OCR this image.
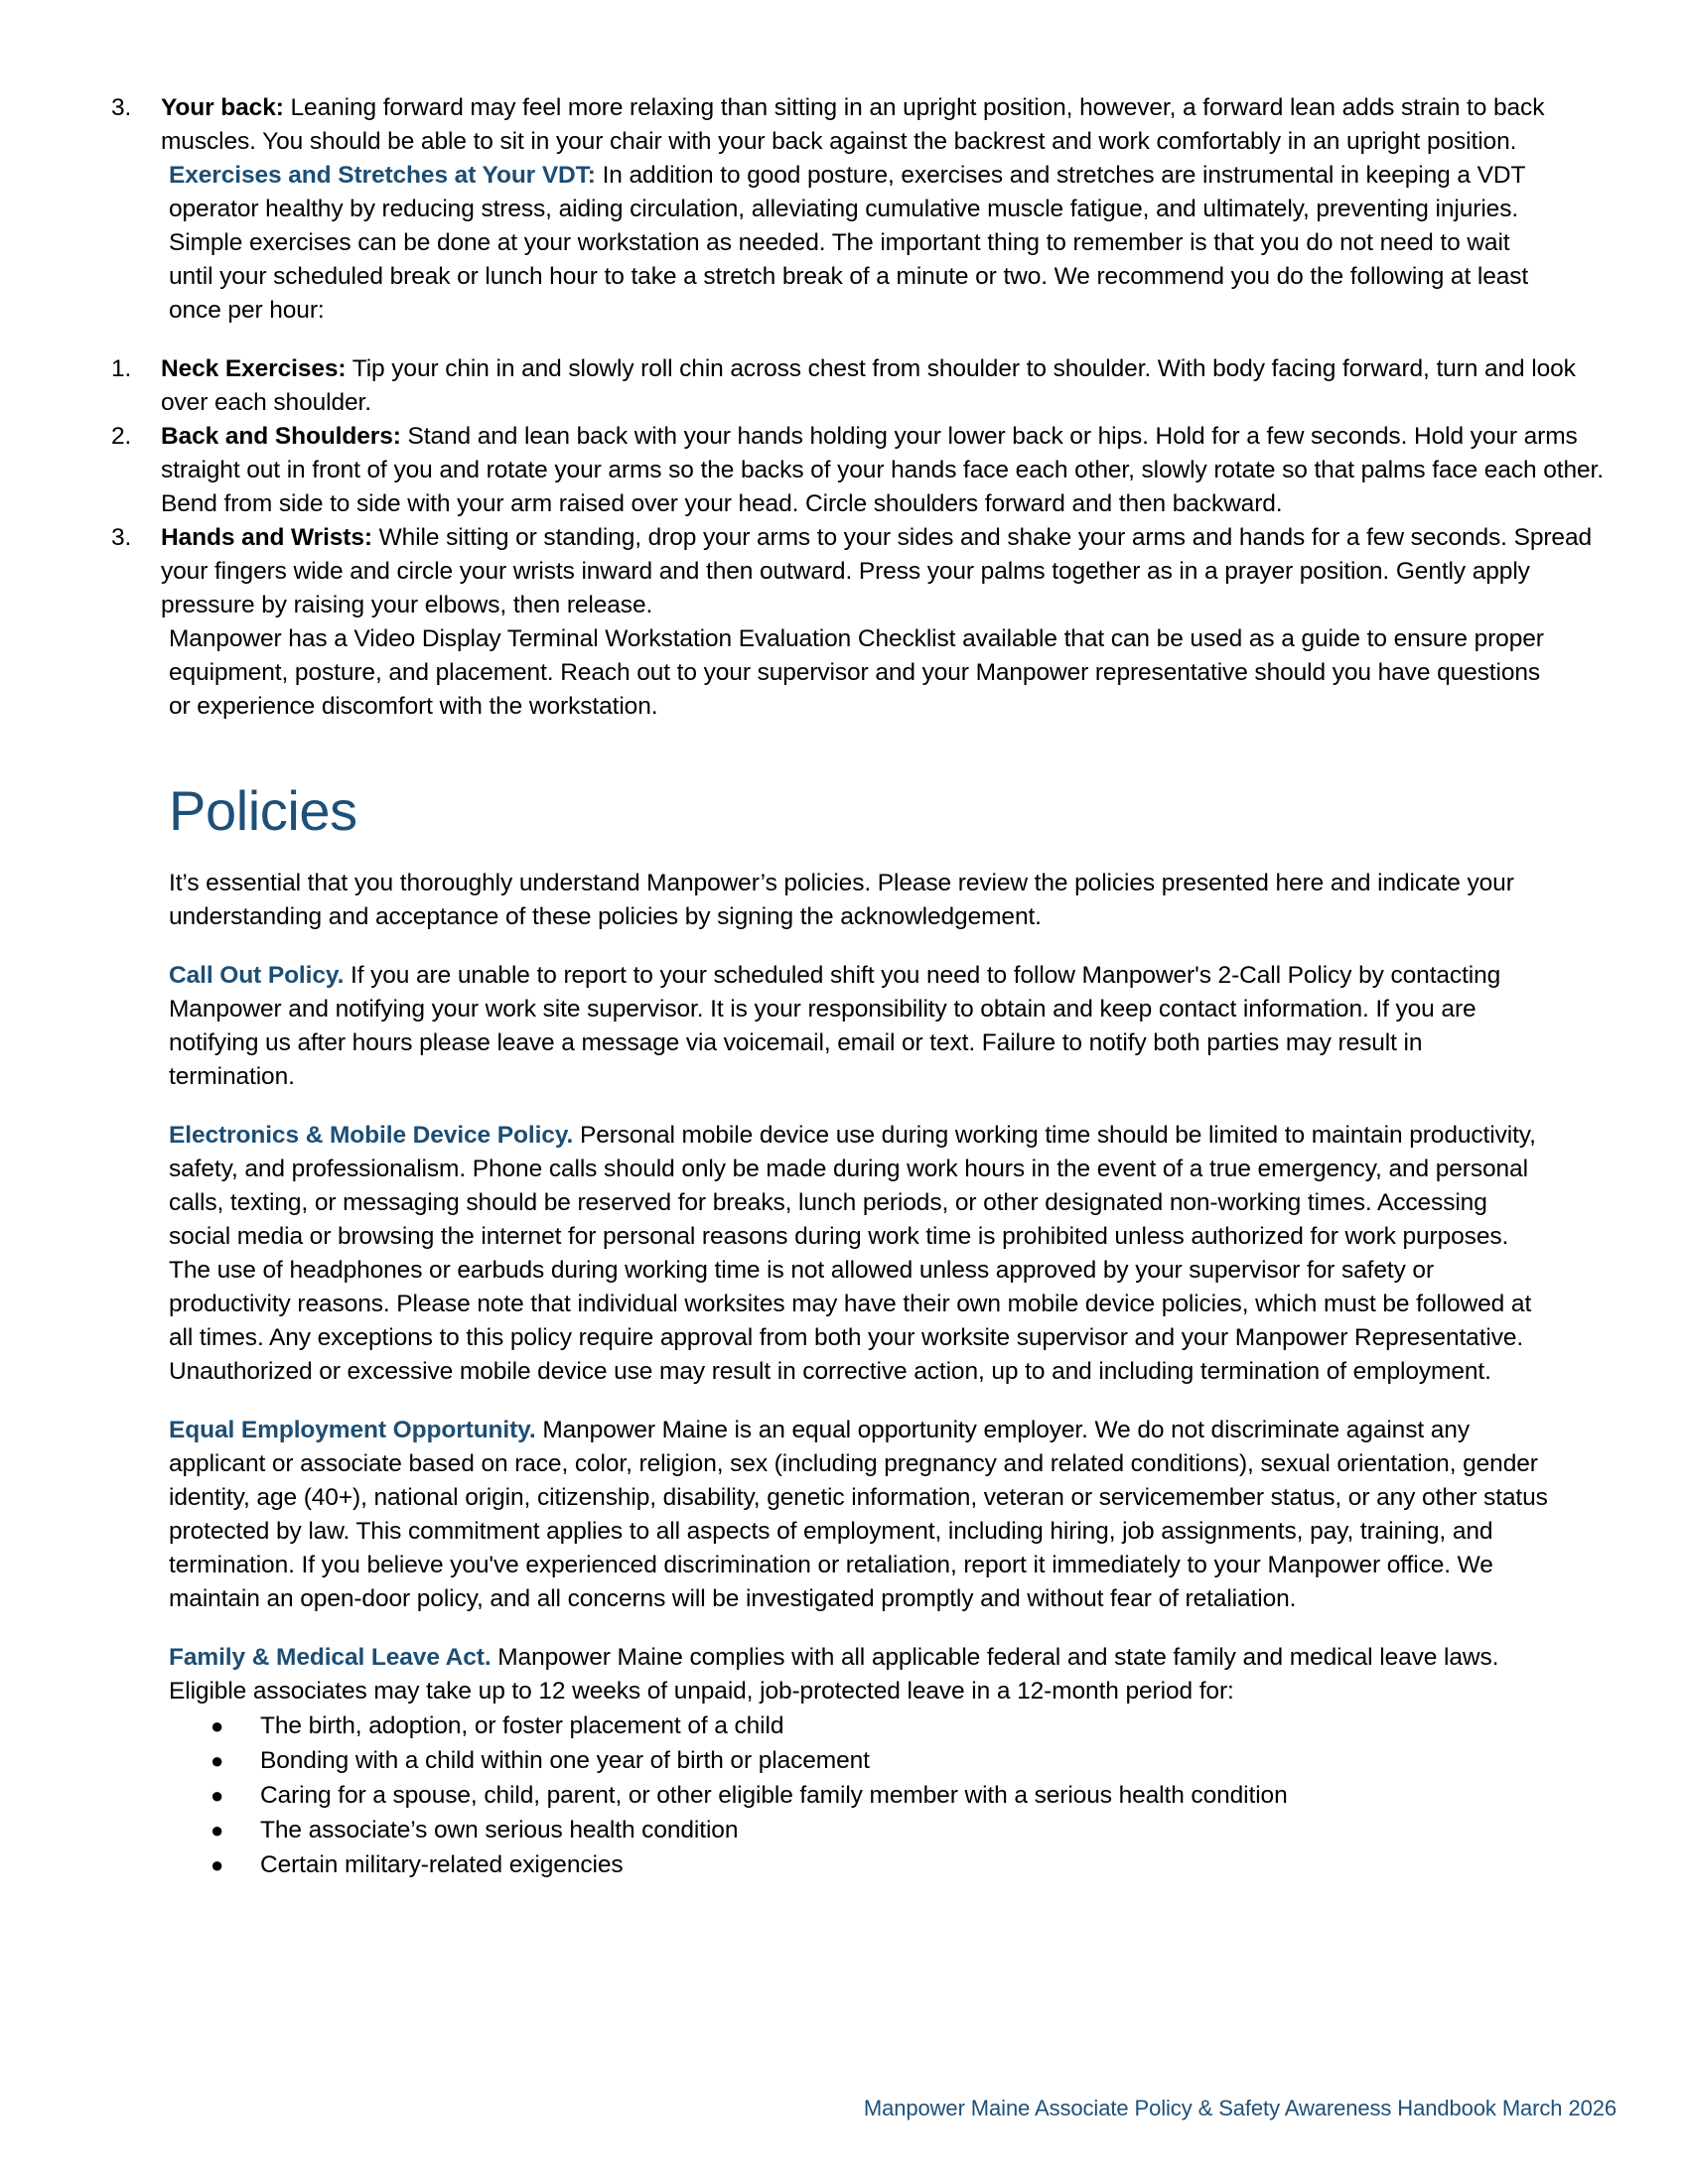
3.	Your back: Leaning forward may feel more relaxing than sitting in an upright position, however, a forward lean adds strain to back muscles. You should be able to sit in your chair with your back against the backrest and work comfortably in an upright position.

Exercises and Stretches at Your VDT: In addition to good posture, exercises and stretches are instrumental in keeping a VDT operator healthy by reducing stress, aiding circulation, alleviating cumulative muscle fatigue, and ultimately, preventing injuries. Simple exercises can be done at your workstation as needed. The important thing to remember is that you do not need to wait until your scheduled break or lunch hour to take a stretch break of a minute or two. We recommend you do the following at least once per hour:

1.	Neck Exercises: Tip your chin in and slowly roll chin across chest from shoulder to shoulder. With body facing forward, turn and look over each shoulder.
2.	Back and Shoulders: Stand and lean back with your hands holding your lower back or hips. Hold for a few seconds. Hold your arms straight out in front of you and rotate your arms so the backs of your hands face each other, slowly rotate so that palms face each other. Bend from side to side with your arm raised over your head. Circle shoulders forward and then backward.
3.	Hands and Wrists: While sitting or standing, drop your arms to your sides and shake your arms and hands for a few seconds. Spread your fingers wide and circle your wrists inward and then outward. Press your palms together as in a prayer position. Gently apply pressure by raising your elbows, then release.

Manpower has a Video Display Terminal Workstation Evaluation Checklist available that can be used as a guide to ensure proper equipment, posture, and placement. Reach out to your supervisor and your Manpower representative should you have questions or experience discomfort with the workstation.

Policies

It’s essential that you thoroughly understand Manpower’s policies. Please review the policies presented here and indicate your understanding and acceptance of these policies by signing the acknowledgement.

Call Out Policy. If you are unable to report to your scheduled shift you need to follow Manpower's 2-Call Policy by contacting Manpower and notifying your work site supervisor. It is your responsibility to obtain and keep contact information. If you are notifying us after hours please leave a message via voicemail, email or text. Failure to notify both parties may result in termination.

Electronics & Mobile Device Policy. Personal mobile device use during working time should be limited to maintain productivity, safety, and professionalism. Phone calls should only be made during work hours in the event of a true emergency, and personal calls, texting, or messaging should be reserved for breaks, lunch periods, or other designated non-working times. Accessing social media or browsing the internet for personal reasons during work time is prohibited unless authorized for work purposes. The use of headphones or earbuds during working time is not allowed unless approved by your supervisor for safety or productivity reasons. Please note that individual worksites may have their own mobile device policies, which must be followed at all times. Any exceptions to this policy require approval from both your worksite supervisor and your Manpower Representative. Unauthorized or excessive mobile device use may result in corrective action, up to and including termination of employment.

Equal Employment Opportunity. Manpower Maine is an equal opportunity employer. We do not discriminate against any applicant or associate based on race, color, religion, sex (including pregnancy and related conditions), sexual orientation, gender identity, age (40+), national origin, citizenship, disability, genetic information, veteran or servicemember status, or any other status protected by law. This commitment applies to all aspects of employment, including hiring, job assignments, pay, training, and termination. If you believe you've experienced discrimination or retaliation, report it immediately to your Manpower office. We maintain an open-door policy, and all concerns will be investigated promptly and without fear of retaliation.

Family & Medical Leave Act. Manpower Maine complies with all applicable federal and state family and medical leave laws. Eligible associates may take up to 12 weeks of unpaid, job-protected leave in a 12-month period for:

● The birth, adoption, or foster placement of a child
● Bonding with a child within one year of birth or placement
● Caring for a spouse, child, parent, or other eligible family member with a serious health condition
● The associate’s own serious health condition
● Certain military-related exigencies
Manpower Maine Associate Policy & Safety Awareness Handbook March 2026
